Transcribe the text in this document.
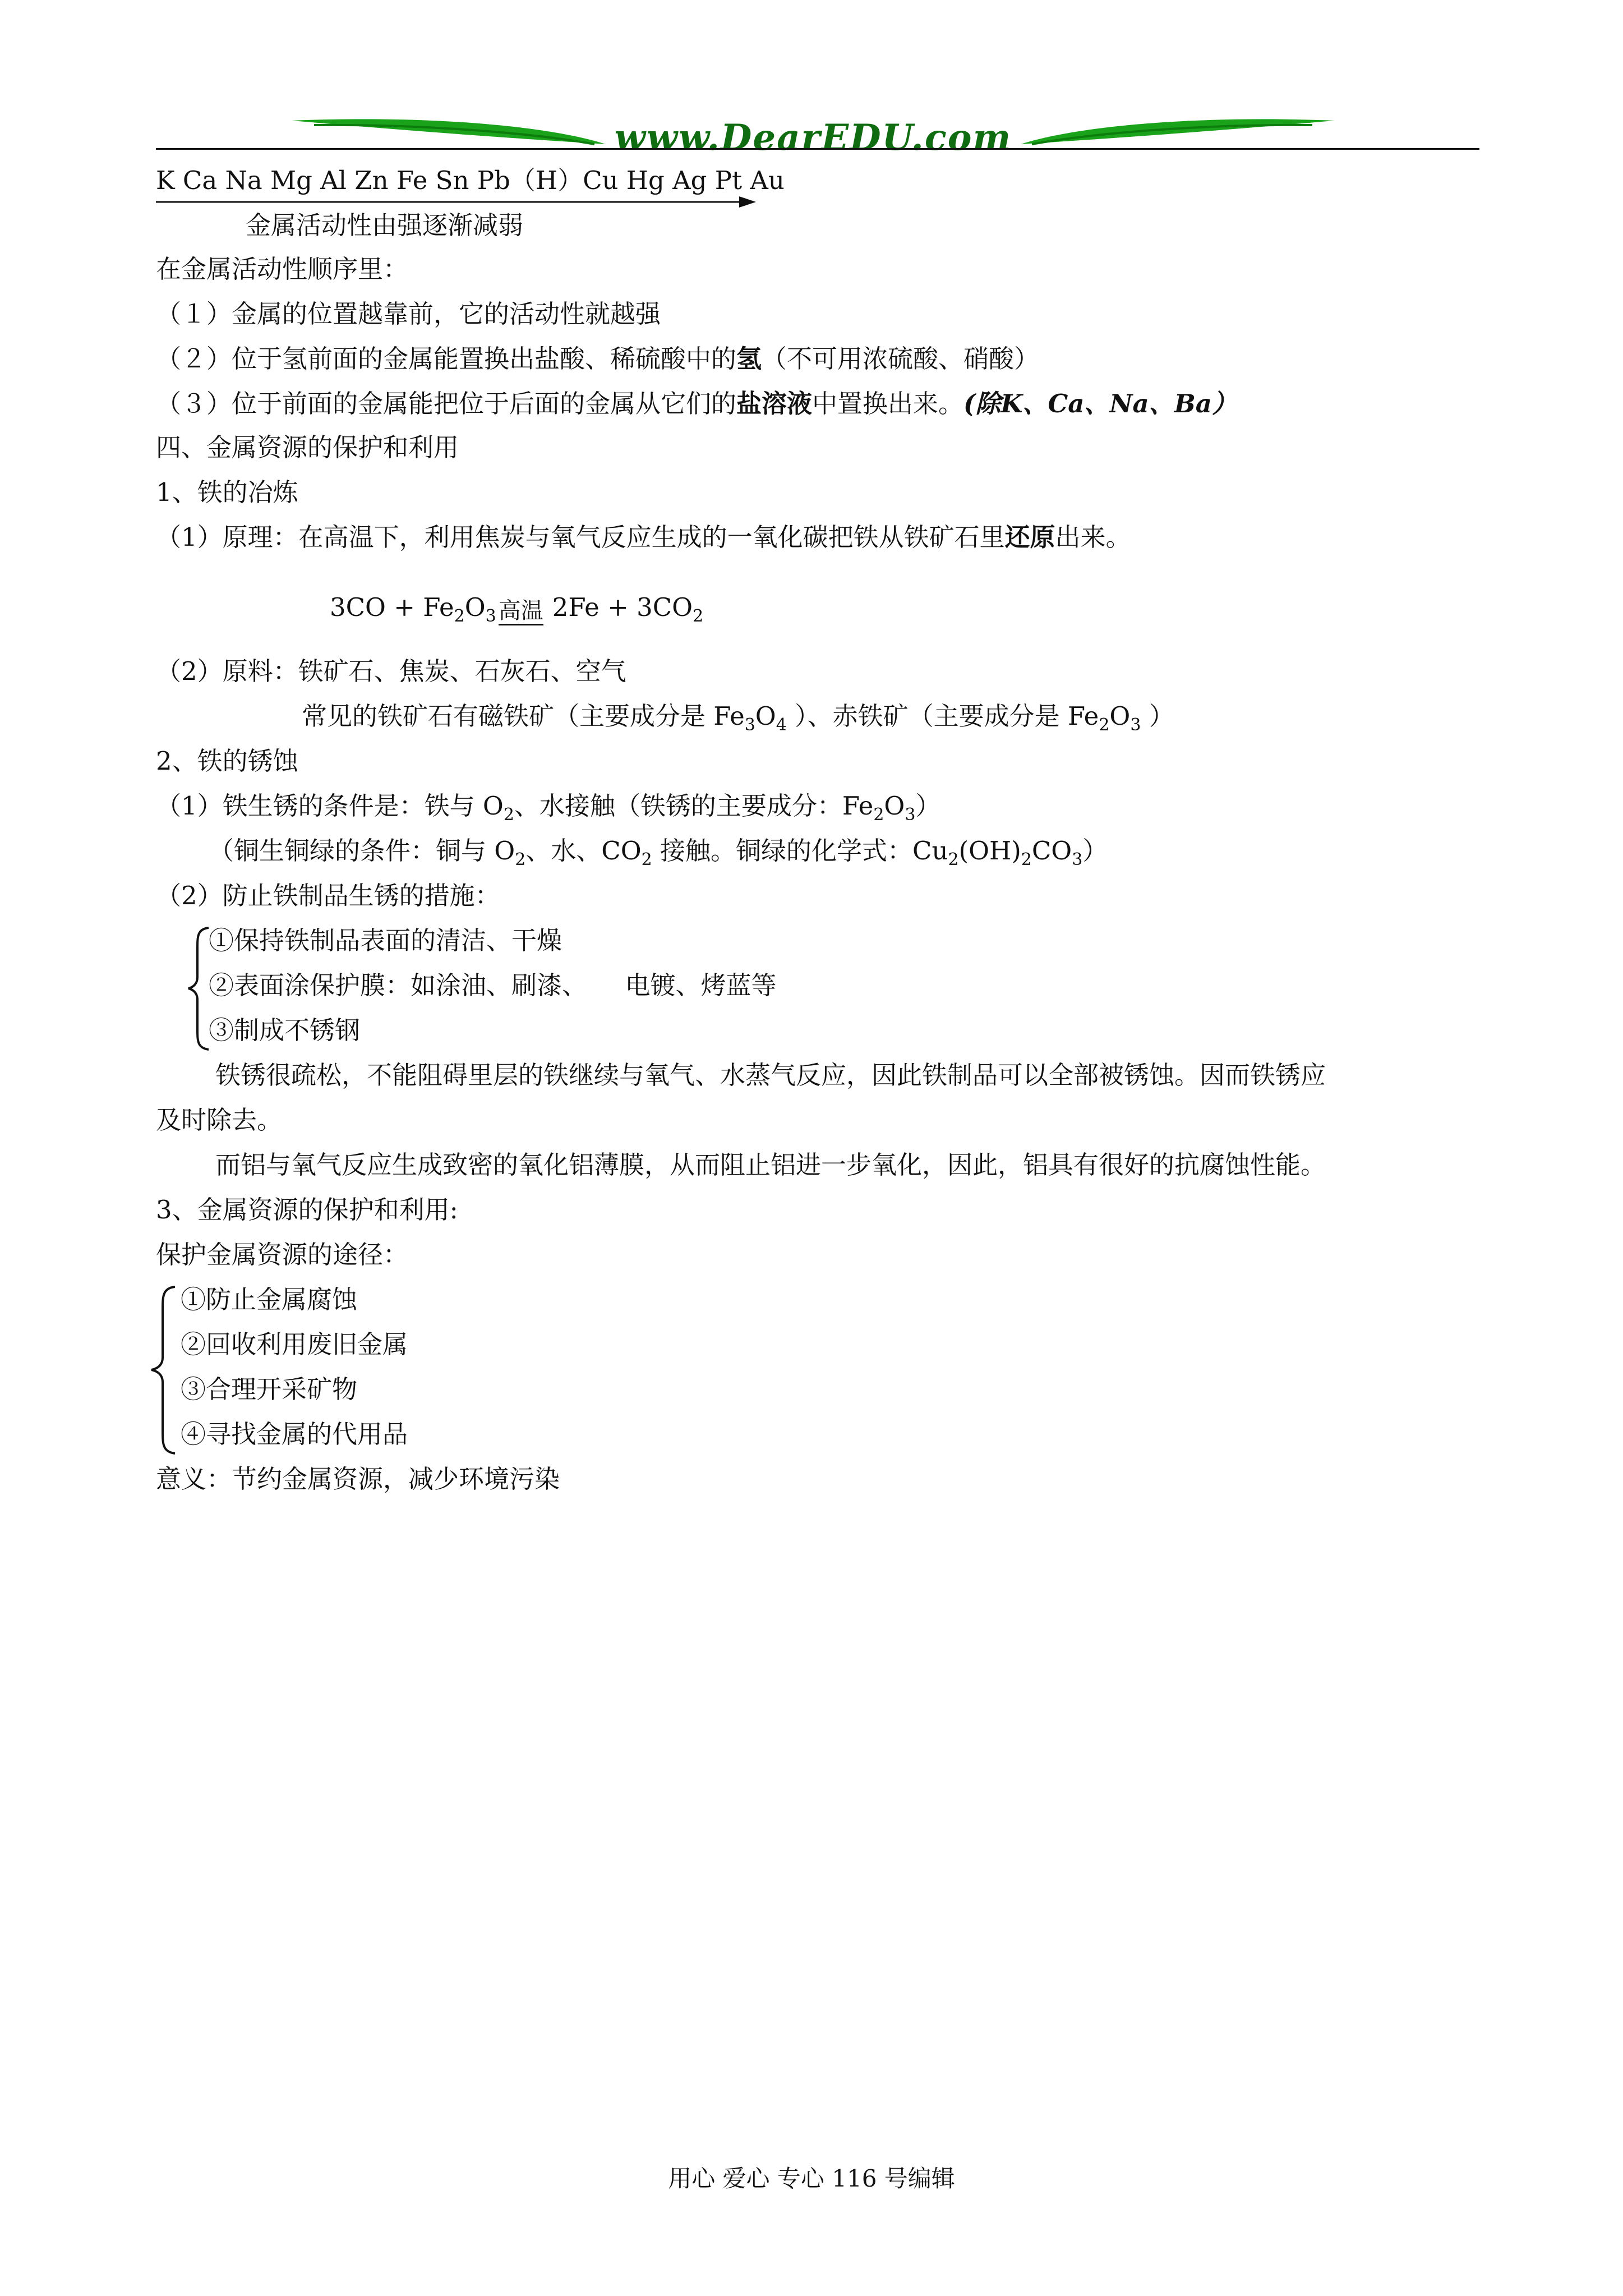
www.DearEDU.com
K Ca Na Mg Al Zn Fe Sn Pb（H）Cu Hg Ag Pt Au
金属活动性由强逐渐减弱
在金属活动性顺序里：
（１）金属的位置越靠前，它的活动性就越强
（２）位于氢前面的金属能置换出盐酸、稀硫酸中的氢（不可用浓硫酸、硝酸）
（３）位于前面的金属能把位于后面的金属从它们的盐溶液中置换出来。(除K、Ca、Na、Ba）
四、金属资源的保护和利用
1、铁的冶炼
（1）原理：在高温下，利用焦炭与氧气反应生成的一氧化碳把铁从铁矿石里还原出来。
$3CO + Fe_2O_3$ 高温 $2Fe + 3CO_2$
（2）原料：铁矿石、焦炭、石灰石、空气
常见的铁矿石有磁铁矿（主要成分是 $Fe_3O_4$ ）、赤铁矿（主要成分是 $Fe_2O_3$ ）
2、铁的锈蚀
（1）铁生锈的条件是：铁与 $O_2$、水接触（铁锈的主要成分：$Fe_2O_3$）
（铜生铜绿的条件：铜与 $O_2$、水、$CO_2$ 接触。铜绿的化学式：$Cu_2(OH)_2CO_3$）
（2）防止铁制品生锈的措施：
①保持铁制品表面的清洁、干燥
②表面涂保护膜：如涂油、刷漆、　　电镀、烤蓝等
③制成不锈钢
铁锈很疏松，不能阻碍里层的铁继续与氧气、水蒸气反应，因此铁制品可以全部被锈蚀。因而铁锈应
及时除去。
而铝与氧气反应生成致密的氧化铝薄膜，从而阻止铝进一步氧化，因此，铝具有很好的抗腐蚀性能。
3、金属资源的保护和利用:
保护金属资源的途径：
①防止金属腐蚀
②回收利用废旧金属
③合理开采矿物
④寻找金属的代用品
意义：节约金属资源，减少环境污染
用心 爱心 专心 116 号编辑
